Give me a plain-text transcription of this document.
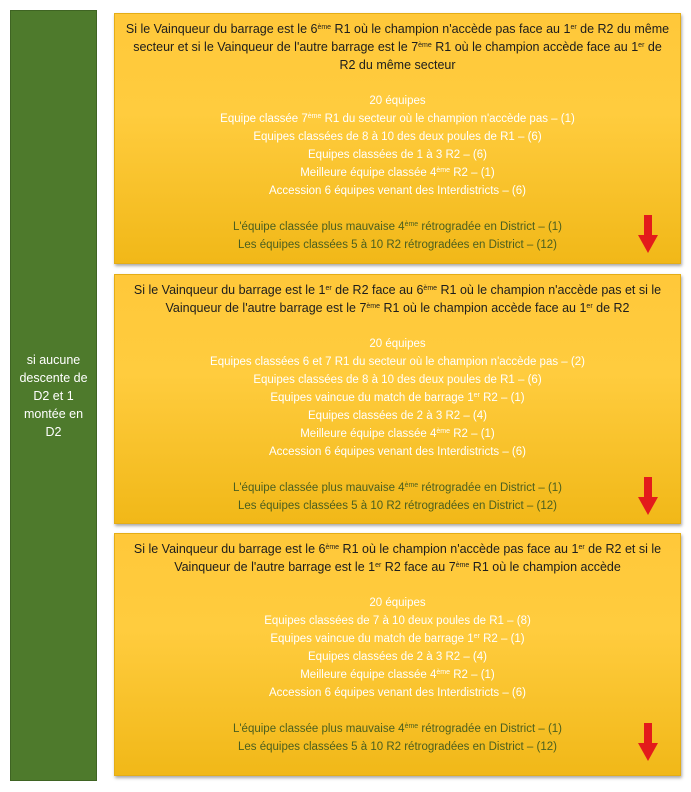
si aucune descente de D2 et 1 montée en D2
Si le Vainqueur du barrage est le 6ème R1 où le champion n'accède pas face au 1er de R2 du même secteur et si le Vainqueur de l'autre barrage est le 7ème R1 où le champion accède face au 1er de R2 du même secteur
20 équipes
Equipe classée 7ème R1 du secteur où le champion n'accède pas – (1)
Equipes classées de 8 à 10 des deux poules de R1 – (6)
Equipes classées de 1 à 3 R2 – (6)
Meilleure équipe classée 4ème R2 – (1)
Accession 6 équipes venant des Interdistricts – (6)
L'équipe classée plus mauvaise 4ème rétrogradée en District – (1)
Les équipes classées 5 à 10 R2 rétrogradées en District – (12)
Si le Vainqueur du barrage est le 1er de R2 face au 6ème R1 où le champion n'accède pas et si le Vainqueur de l'autre barrage est le 7ème R1 où le champion accède face au 1er de R2
20 équipes
Equipes classées 6 et 7 R1 du secteur où le champion n'accède pas – (2)
Equipes classées de 8 à 10 des deux poules de R1 – (6)
Equipes vaincue du match de barrage 1er R2 – (1)
Equipes classées de 2 à 3 R2 – (4)
Meilleure équipe classée 4ème R2 – (1)
Accession 6 équipes venant des Interdistricts – (6)
L'équipe classée plus mauvaise 4ème rétrogradée en District – (1)
Les équipes classées 5 à 10 R2 rétrogradées en District – (12)
Si le Vainqueur du barrage est le 6ème R1 où le champion n'accède pas face au 1er de R2 et si le Vainqueur de l'autre barrage est le 1er R2 face au 7ème R1 où le champion accède
20 équipes
Equipes classées de 7 à 10 deux poules de R1 – (8)
Equipes vaincue du match de barrage 1er R2 – (1)
Equipes classées de 2 à 3 R2 – (4)
Meilleure équipe classée 4ème R2 – (1)
Accession 6 équipes venant des Interdistricts – (6)
L'équipe classée plus mauvaise 4ème rétrogradée en District – (1)
Les équipes classées 5 à 10 R2 rétrogradées en District – (12)
